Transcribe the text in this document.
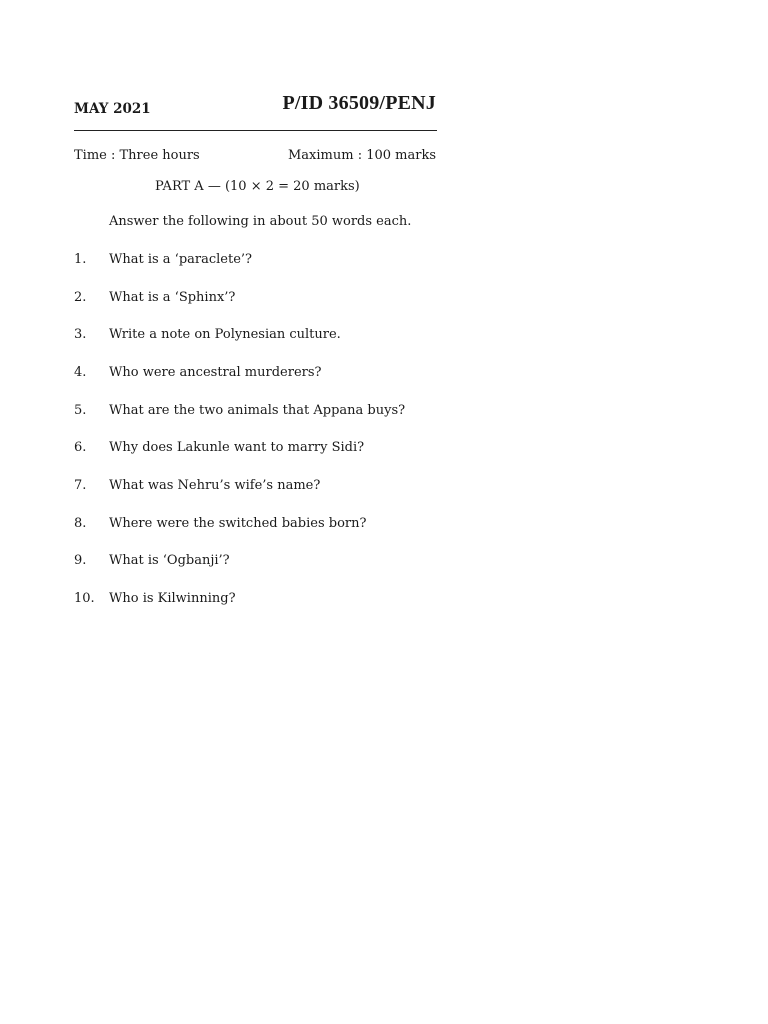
MAY 2021	P/ID 36509/PENJ
Time : Three hours	Maximum : 100 marks
PART A — (10 × 2 = 20 marks)
Answer the following in about 50 words each.
1. What is a ‘paraclete’?
2. What is a ‘Sphinx’?
3. Write a note on Polynesian culture.
4. Who were ancestral murderers?
5. What are the two animals that Appana buys?
6. Why does Lakunle want to marry Sidi?
7. What was Nehru’s wife’s name?
8. Where were the switched babies born?
9. What is ‘Ogbanji’?
10. Who is Kilwinning?
